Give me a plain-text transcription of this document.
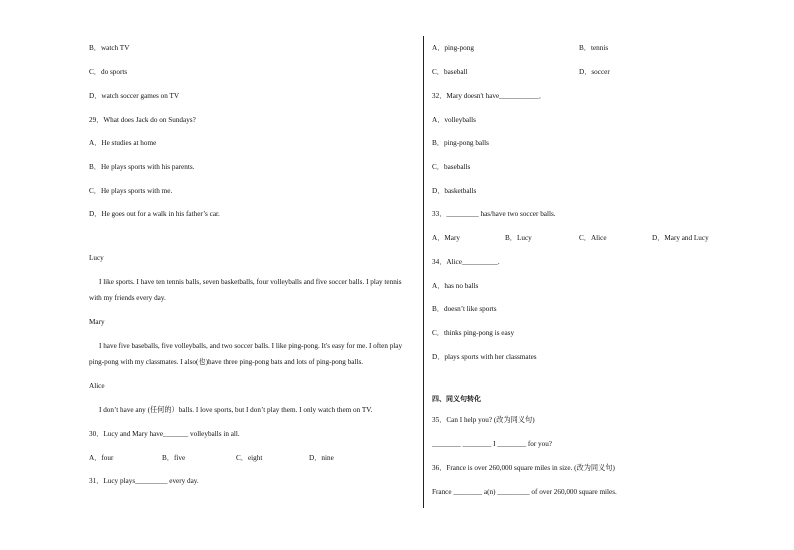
B．watch TV
C．do sports
D．watch soccer games on TV
29．What does Jack do on Sundays?
A．He studies at home
B．He plays sports with his parents.
C．He plays sports with me.
D．He goes out for a walk in his father’s car.
Lucy
I like sports. I have ten tennis balls, seven basketballs, four volleyballs and five soccer balls. I play tennis with my friends every day.
Mary
I have five baseballs, five volleyballs, and two soccer balls. I like ping-pong. It's easy for me. I often play ping-pong with my classmates. I also(也)have three ping-pong bats and lots of ping-pong balls.
Alice
I don’t have any (任何的）balls. I love sports, but I don’t play them. I only watch them on TV.
30．Lucy and Mary have_______ volleyballs in all.
A．four	B．five	C．eight	D．nine
31．Lucy plays_________ every day.
A．ping-pong	B．tennis
C．baseball	D．soccer
32．Mary doesn't have___________．
A．volleyballs
B．ping-pong balls
C．baseballs
D．basketballs
33．_________ has/have two soccer balls.
A．Mary	B．Lucy	C．Alice	D．Mary and Lucy
34．Alice__________.
A．has no balls
B．doesn’t like sports
C．thinks ping-pong is easy
D．plays sports with her classmates
四、同义句转化
35．Can I help you? (改为同义句)
________ ________ I ________ for you?
36．France is over 260,000 square miles in size. (改为同义句)
France ________ a(n) _________ of over 260,000 square miles.
